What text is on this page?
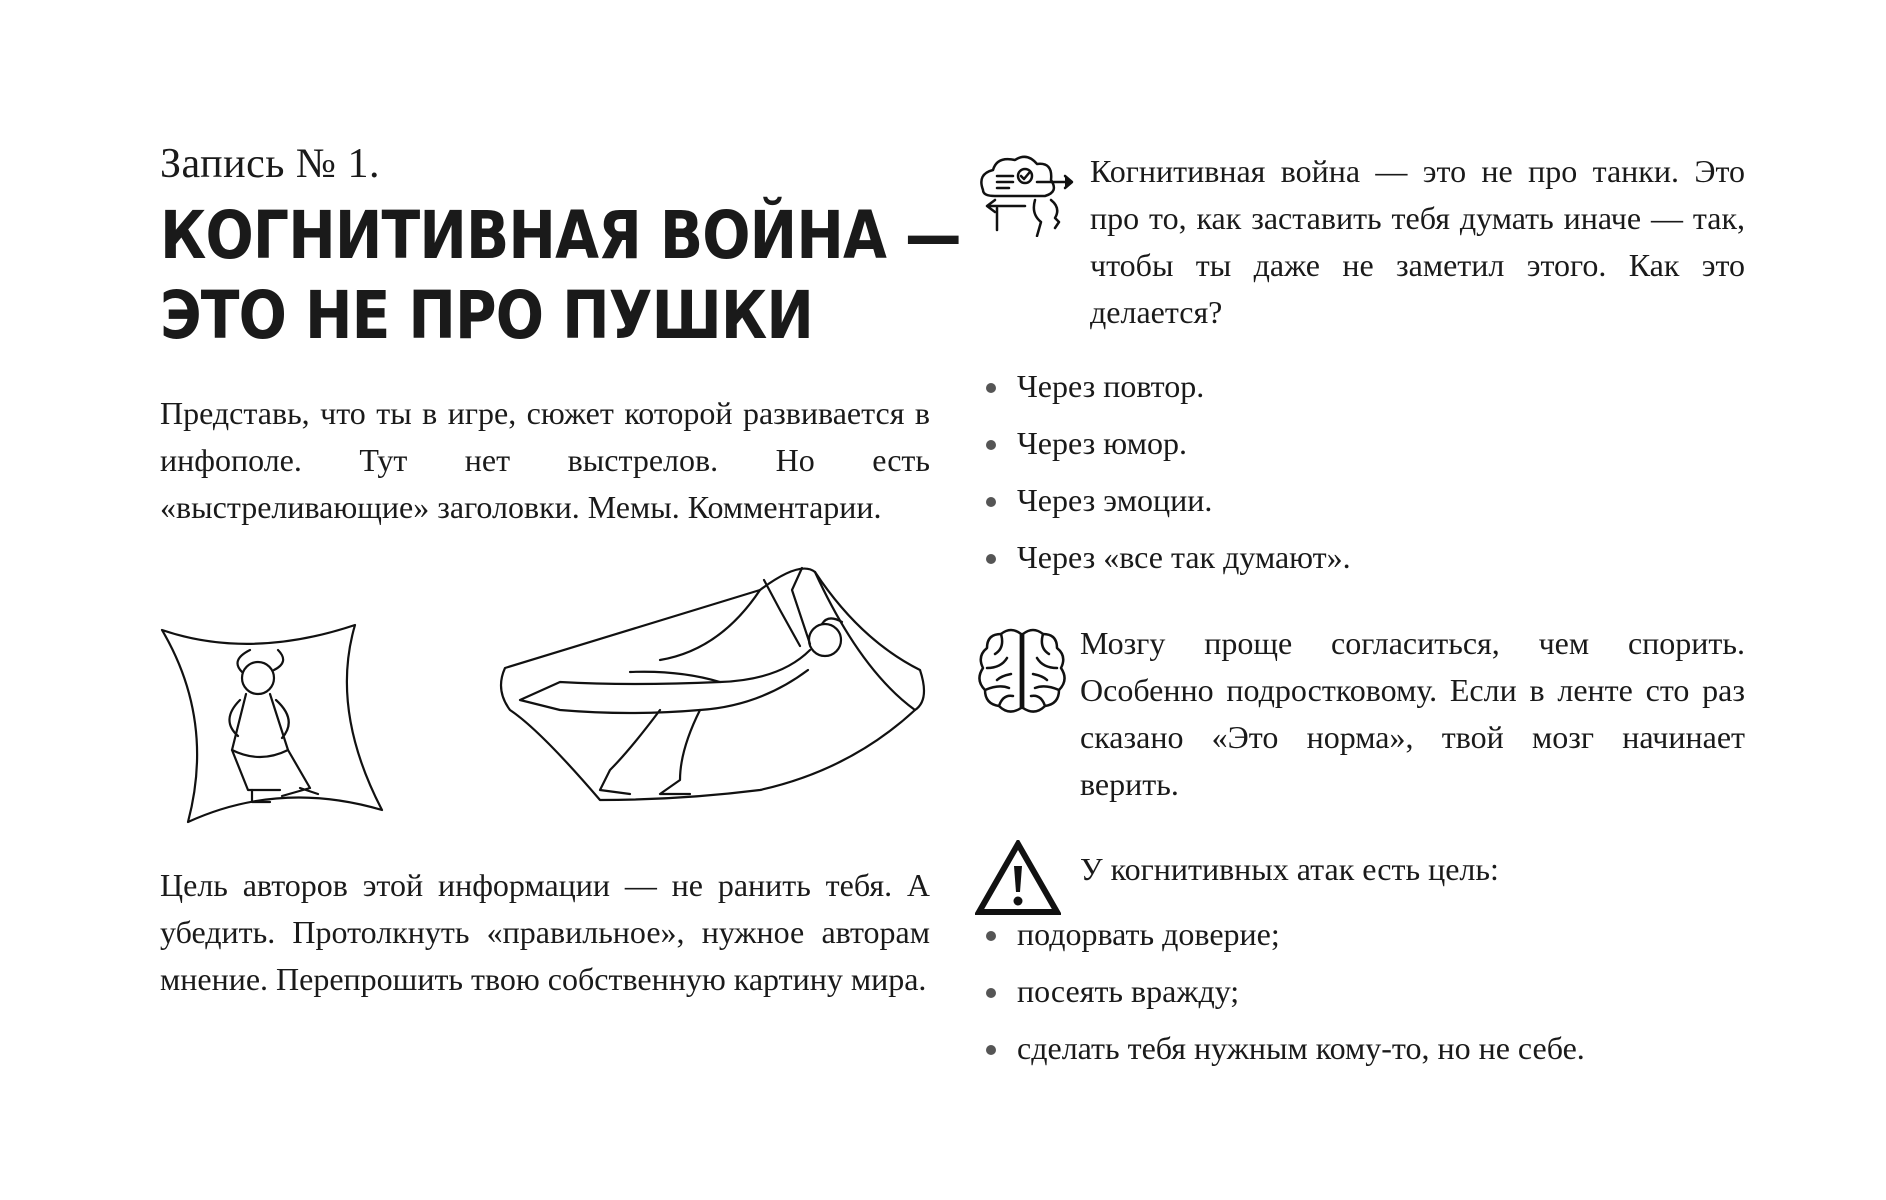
Запись № 1.
КОГНИТИВНАЯ ВОЙНА —
ЭТО НЕ ПРО ПУШКИ

Представь, что ты в игре, сюжет которой развивается в инфополе. Тут нет выстрелов. Но есть «выстреливающие» заголовки. Мемы. Комментарии.

Цель авторов этой информации — не ранить тебя. А убедить. Протолкнуть «правильное», нужное авторам мнение. Перепрошить твою собственную картину мира.

Когнитивная война — это не про танки. Это про то, как заставить тебя думать иначе — так, чтобы ты даже не заметил этого. Как это делается?

Через повтор.
Через юмор.
Через эмоции.
Через «все так думают».

Мозгу проще согласиться, чем спорить. Особенно подростковому. Если в ленте сто раз сказано «Это норма», твой мозг начинает верить.

У когнитивных атак есть цель:

подорвать доверие;
посеять вражду;
сделать тебя нужным кому-то, но не себе.
